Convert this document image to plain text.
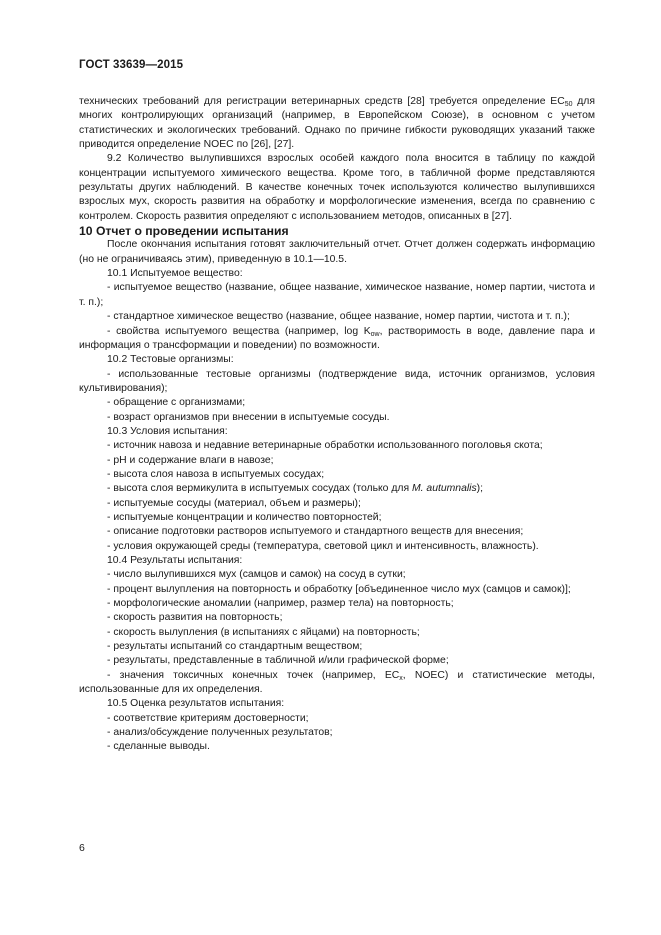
ГОСТ 33639—2015

технических требований для регистрации ветеринарных средств [28] требуется определение $EC_{50}$ для многих контролирующих организаций (например, в Европейском Союзе), в основном с учетом статистических и экологических требований. Однако по причине гибкости руководящих указаний также приводится определение NOEC по [26], [27].

9.2 Количество вылупившихся взрослых особей каждого пола вносится в таблицу по каждой концентрации испытуемого химического вещества. Кроме того, в табличной форме представляются результаты других наблюдений. В качестве конечных точек используются количество вылупившихся взрослых мух, скорость развития на обработку и морфологические изменения, всегда по сравнению с контролем. Скорость развития определяют с использованием методов, описанных в [27].

10 Отчет о проведении испытания

После окончания испытания готовят заключительный отчет. Отчет должен содержать информацию (но не ограничиваясь этим), приведенную в 10.1—10.5.

10.1 Испытуемое вещество:

- испытуемое вещество (название, общее название, химическое название, номер партии, чистота и т. п.);

- стандартное химическое вещество (название, общее название, номер партии, чистота и т. п.);

- свойства испытуемого вещества (например, $\log K_{ow}$, растворимость в воде, давление пара и информация о трансформации и поведении) по возможности.

10.2 Тестовые организмы:

- использованные тестовые организмы (подтверждение вида, источник организмов, условия культивирования);

- обращение с организмами;

- возраст организмов при внесении в испытуемые сосуды.

10.3 Условия испытания:

- источник навоза и недавние ветеринарные обработки использованного поголовья скота;

- pH и содержание влаги в навозе;

- высота слоя навоза в испытуемых сосудах;

- высота слоя вермикулита в испытуемых сосудах (только для M. autumnalis);

- испытуемые сосуды (материал, объем и размеры);

- испытуемые концентрации и количество повторностей;

- описание подготовки растворов испытуемого и стандартного веществ для внесения;

- условия окружающей среды (температура, световой цикл и интенсивность, влажность).

10.4 Результаты испытания:

- число вылупившихся мух (самцов и самок) на сосуд в сутки;

- процент вылупления на повторность и обработку [объединенное число мух (самцов и самок)];

- морфологические аномалии (например, размер тела) на повторность;

- скорость развития на повторность;

- скорость вылупления (в испытаниях с яйцами) на повторность;

- результаты испытаний со стандартным веществом;

- результаты, представленные в табличной и/или графической форме;

- значения токсичных конечных точек (например, $EC_x$, NOEC) и статистические методы, использованные для их определения.

10.5 Оценка результатов испытания:

- соответствие критериям достоверности;

- анализ/обсуждение полученных результатов;

- сделанные выводы.

6
